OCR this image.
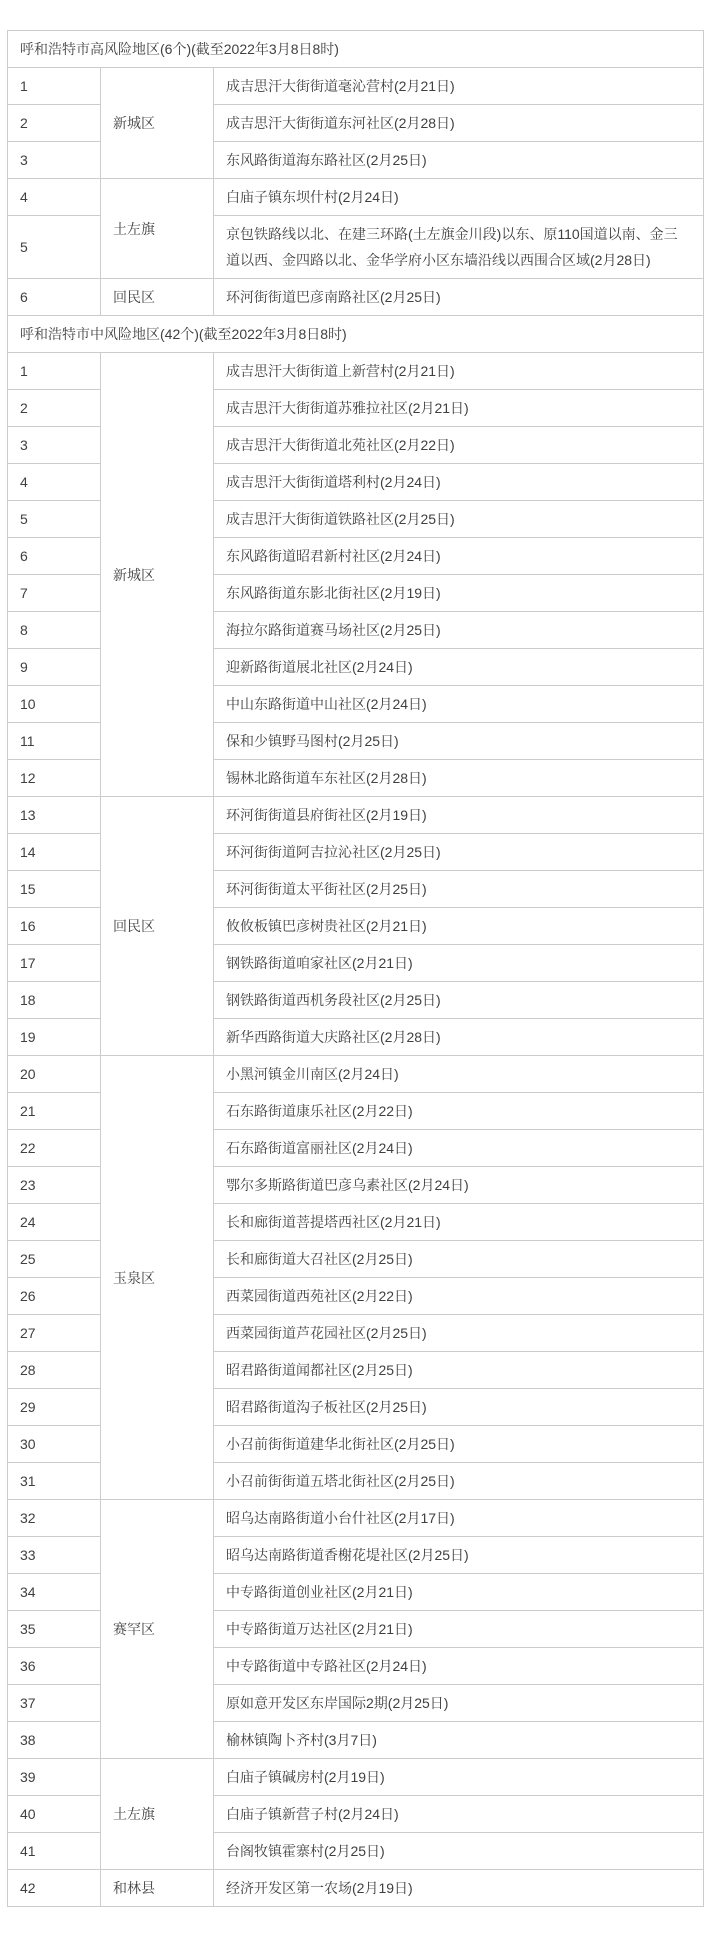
呼和浩特市高风险地区(6个)(截至2022年3月8日8时)		
1	新城区	成吉思汗大街街道毫沁营村(2月21日)
2		成吉思汗大街街道东河社区(2月28日)
3		东风路街道海东路社区(2月25日)
4	土左旗	白庙子镇东坝什村(2月24日)
5		京包铁路线以北、在建三环路(土左旗金川段)以东、原110国道以南、金三道以西、金四路以北、金华学府小区东墙沿线以西围合区域(2月28日)
6	回民区	环河街街道巴彦南路社区(2月25日)
呼和浩特市中风险地区(42个)(截至2022年3月8日8时)		
1	新城区	成吉思汗大街街道上新营村(2月21日)
2		成吉思汗大街街道苏雅拉社区(2月21日)
3		成吉思汗大街街道北苑社区(2月22日)
4		成吉思汗大街街道塔利村(2月24日)
5		成吉思汗大街街道铁路社区(2月25日)
6		东风路街道昭君新村社区(2月24日)
7		东风路街道东影北街社区(2月19日)
8		海拉尔路街道赛马场社区(2月25日)
9		迎新路街道展北社区(2月24日)
10		中山东路街道中山社区(2月24日)
11		保和少镇野马图村(2月25日)
12		锡林北路街道车东社区(2月28日)
13	回民区	环河街街道县府街社区(2月19日)
14		环河街街道阿吉拉沁社区(2月25日)
15		环河街街道太平街社区(2月25日)
16		攸攸板镇巴彦树贵社区(2月21日)
17		钢铁路街道咱家社区(2月21日)
18		钢铁路街道西机务段社区(2月25日)
19		新华西路街道大庆路社区(2月28日)
20	玉泉区	小黑河镇金川南区(2月24日)
21		石东路街道康乐社区(2月22日)
22		石东路街道富丽社区(2月24日)
23		鄂尔多斯路街道巴彦乌素社区(2月24日)
24		长和廊街道菩提塔西社区(2月21日)
25		长和廊街道大召社区(2月25日)
26		西菜园街道西苑社区(2月22日)
27		西菜园街道芦花园社区(2月25日)
28		昭君路街道闻都社区(2月25日)
29		昭君路街道沟子板社区(2月25日)
30		小召前街街道建华北街社区(2月25日)
31		小召前街街道五塔北街社区(2月25日)
32	赛罕区	昭乌达南路街道小台什社区(2月17日)
33		昭乌达南路街道香榭花堤社区(2月25日)
34		中专路街道创业社区(2月21日)
35		中专路街道万达社区(2月21日)
36		中专路街道中专路社区(2月24日)
37		原如意开发区东岸国际2期(2月25日)
38		榆林镇陶卜齐村(3月7日)
39	土左旗	白庙子镇碱房村(2月19日)
40		白庙子镇新营子村(2月24日)
41		台阁牧镇霍寨村(2月25日)
42	和林县	经济开发区第一农场(2月19日)
